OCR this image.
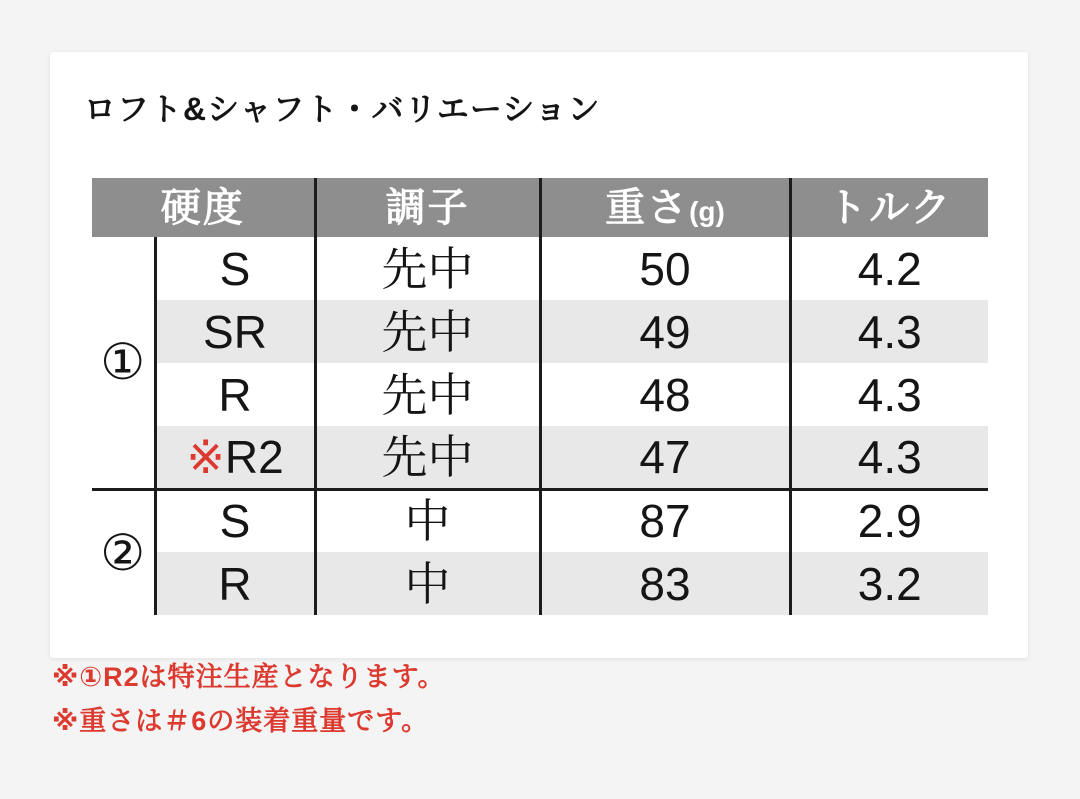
ロフト&シャフト・バリエーション
硬度		調子	重さ(g)	トルク
①	S	先中	50	4.2
	SR	先中	49	4.3
	R	先中	48	4.3
	※R2	先中	47	4.3
②	S	中	87	2.9
	R	中	83	3.2

※①R2は特注生産となります。

※重さは＃6の装着重量です。
